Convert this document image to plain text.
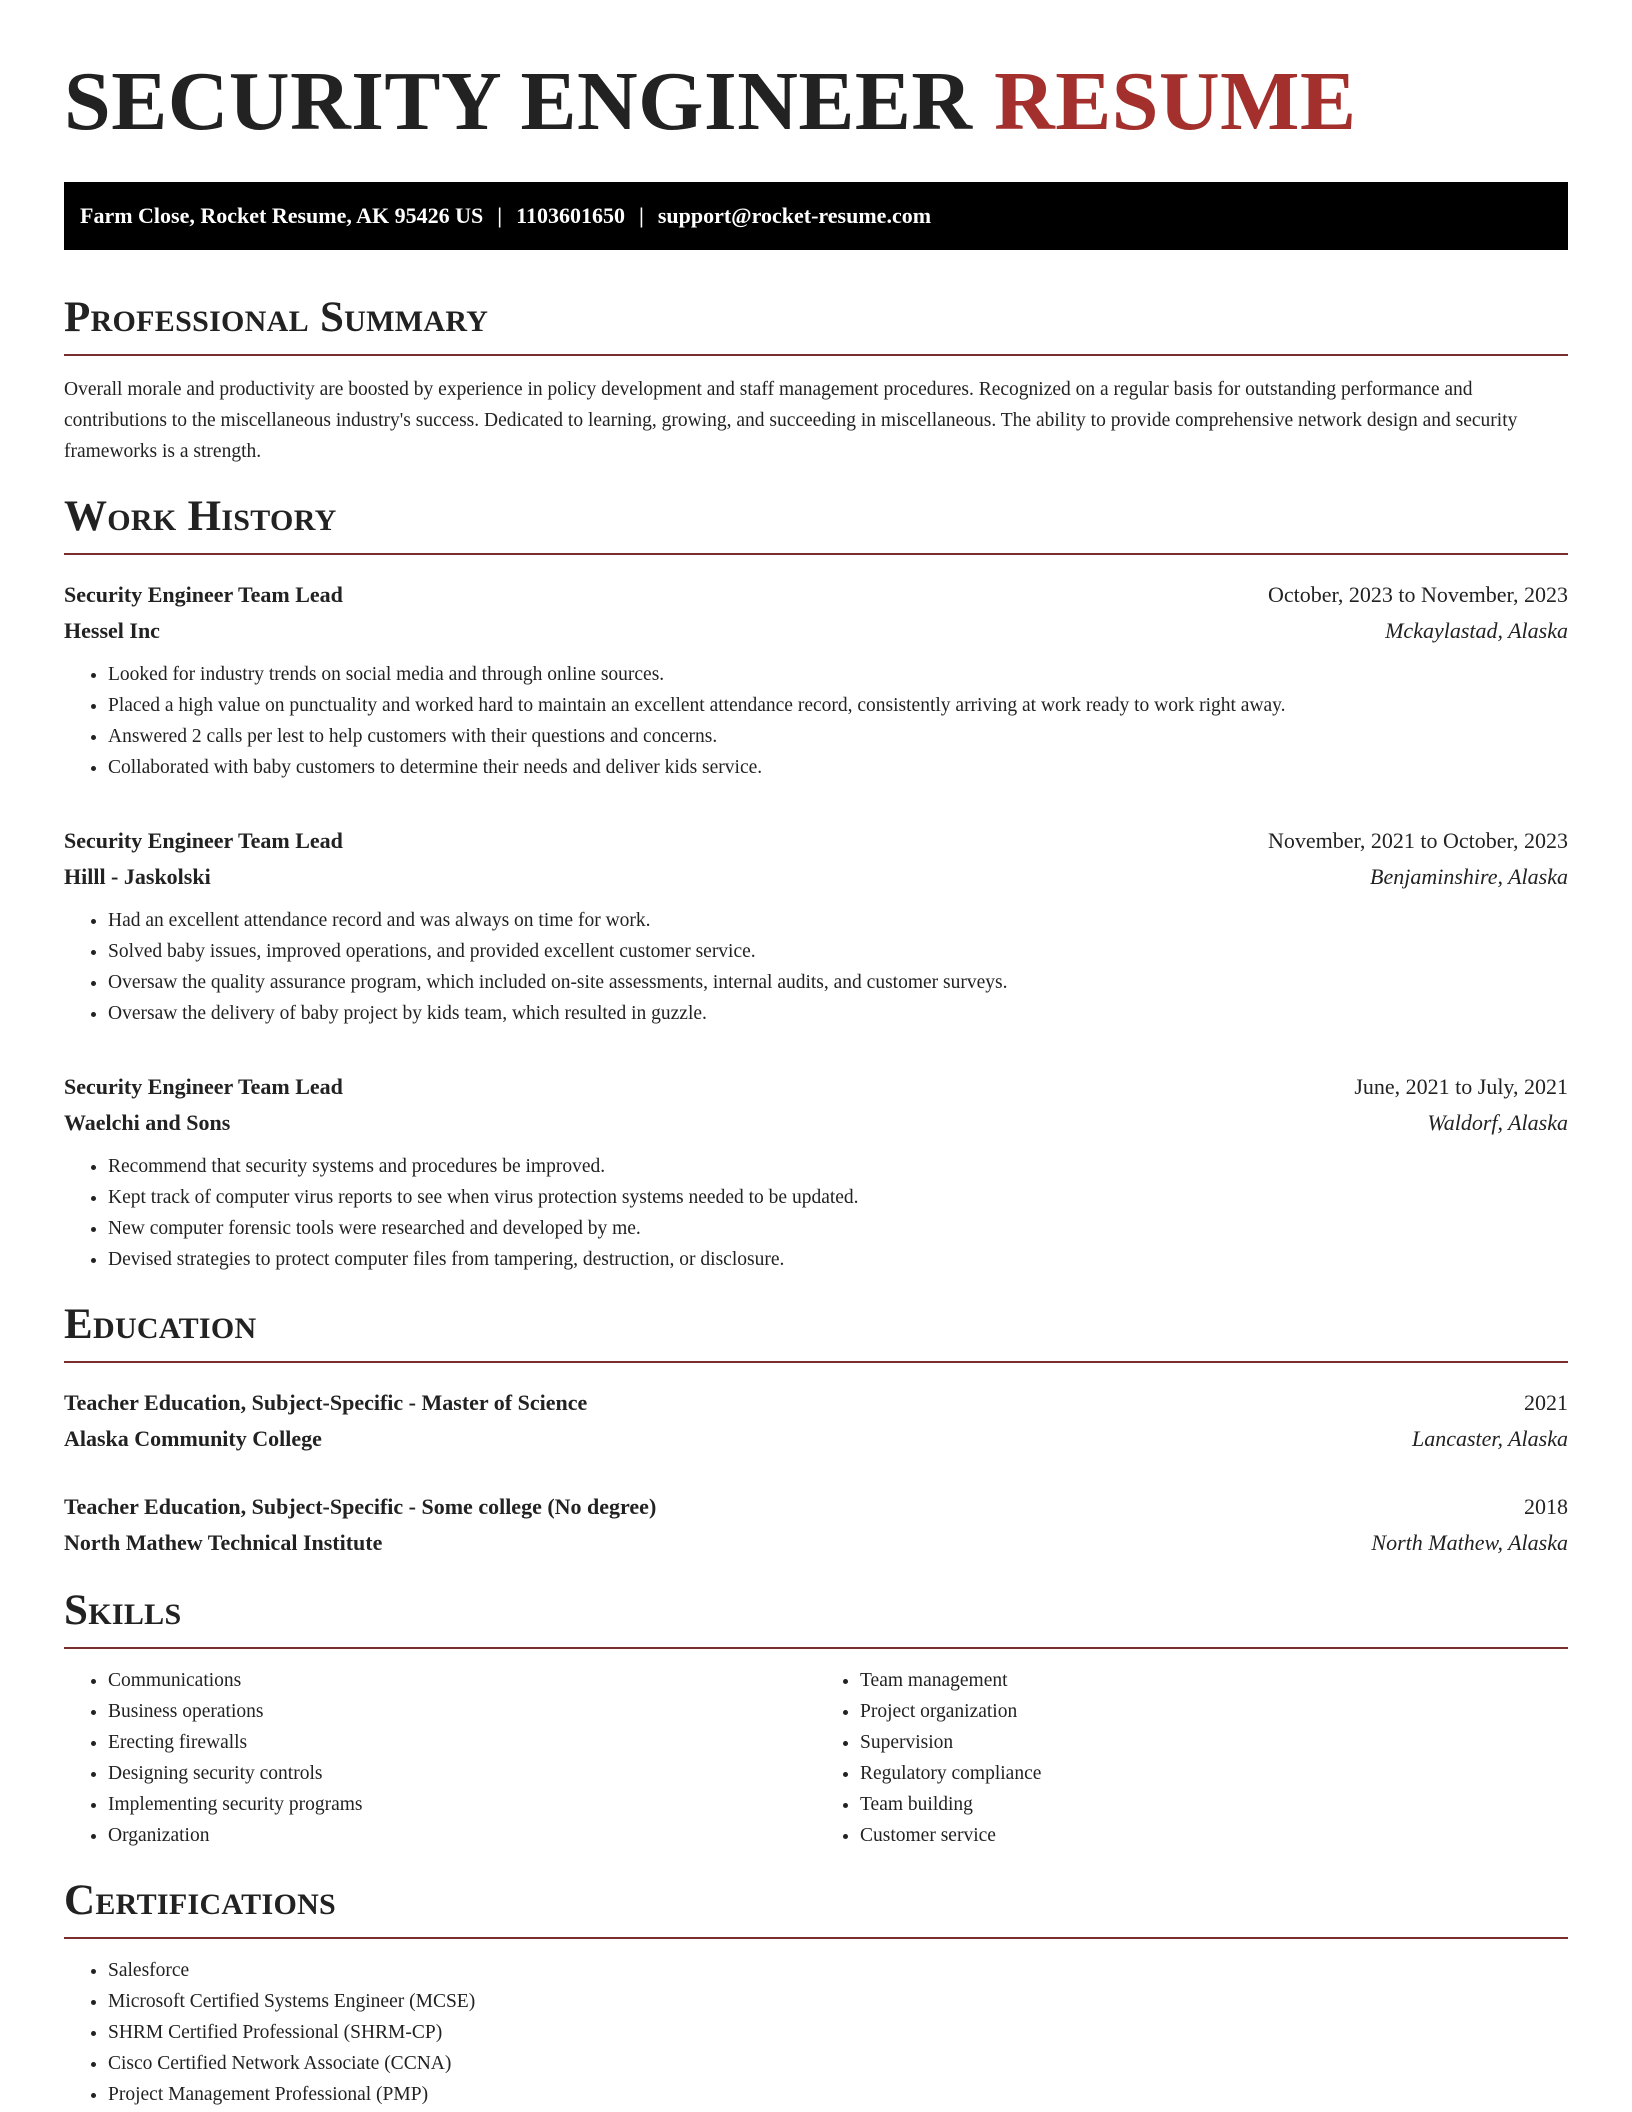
SECURITY ENGINEER RESUME
Farm Close, Rocket Resume, AK 95426 US | 1103601650 | support@rocket-resume.com
Professional Summary

Overall morale and productivity are boosted by experience in policy development and staff management procedures. Recognized on a regular basis for outstanding performance and contributions to the miscellaneous industry's success. Dedicated to learning, growing, and succeeding in miscellaneous. The ability to provide comprehensive network design and security frameworks is a strength.

Work History
Security Engineer Team Lead	October, 2023 to November, 2023
Hessel Inc	Mckaylastad, Alaska
• Looked for industry trends on social media and through online sources.
• Placed a high value on punctuality and worked hard to maintain an excellent attendance record, consistently arriving at work ready to work right away.
• Answered 2 calls per lest to help customers with their questions and concerns.
• Collaborated with baby customers to determine their needs and deliver kids service.
Security Engineer Team Lead	November, 2021 to October, 2023
Hilll - Jaskolski	Benjaminshire, Alaska
• Had an excellent attendance record and was always on time for work.
• Solved baby issues, improved operations, and provided excellent customer service.
• Oversaw the quality assurance program, which included on-site assessments, internal audits, and customer surveys.
• Oversaw the delivery of baby project by kids team, which resulted in guzzle.
Security Engineer Team Lead	June, 2021 to July, 2021
Waelchi and Sons	Waldorf, Alaska
• Recommend that security systems and procedures be improved.
• Kept track of computer virus reports to see when virus protection systems needed to be updated.
• New computer forensic tools were researched and developed by me.
• Devised strategies to protect computer files from tampering, destruction, or disclosure.
Education
Teacher Education, Subject-Specific - Master of Science	2021
Alaska Community College	Lancaster, Alaska
Teacher Education, Subject-Specific - Some college (No degree)	2018
North Mathew Technical Institute	North Mathew, Alaska
Skills
• Communications
• Business operations
• Erecting firewalls
• Designing security controls
• Implementing security programs
• Organization
• Team management
• Project organization
• Supervision
• Regulatory compliance
• Team building
• Customer service
Certifications
• Salesforce
• Microsoft Certified Systems Engineer (MCSE)
• SHRM Certified Professional (SHRM-CP)
• Cisco Certified Network Associate (CCNA)
• Project Management Professional (PMP)
